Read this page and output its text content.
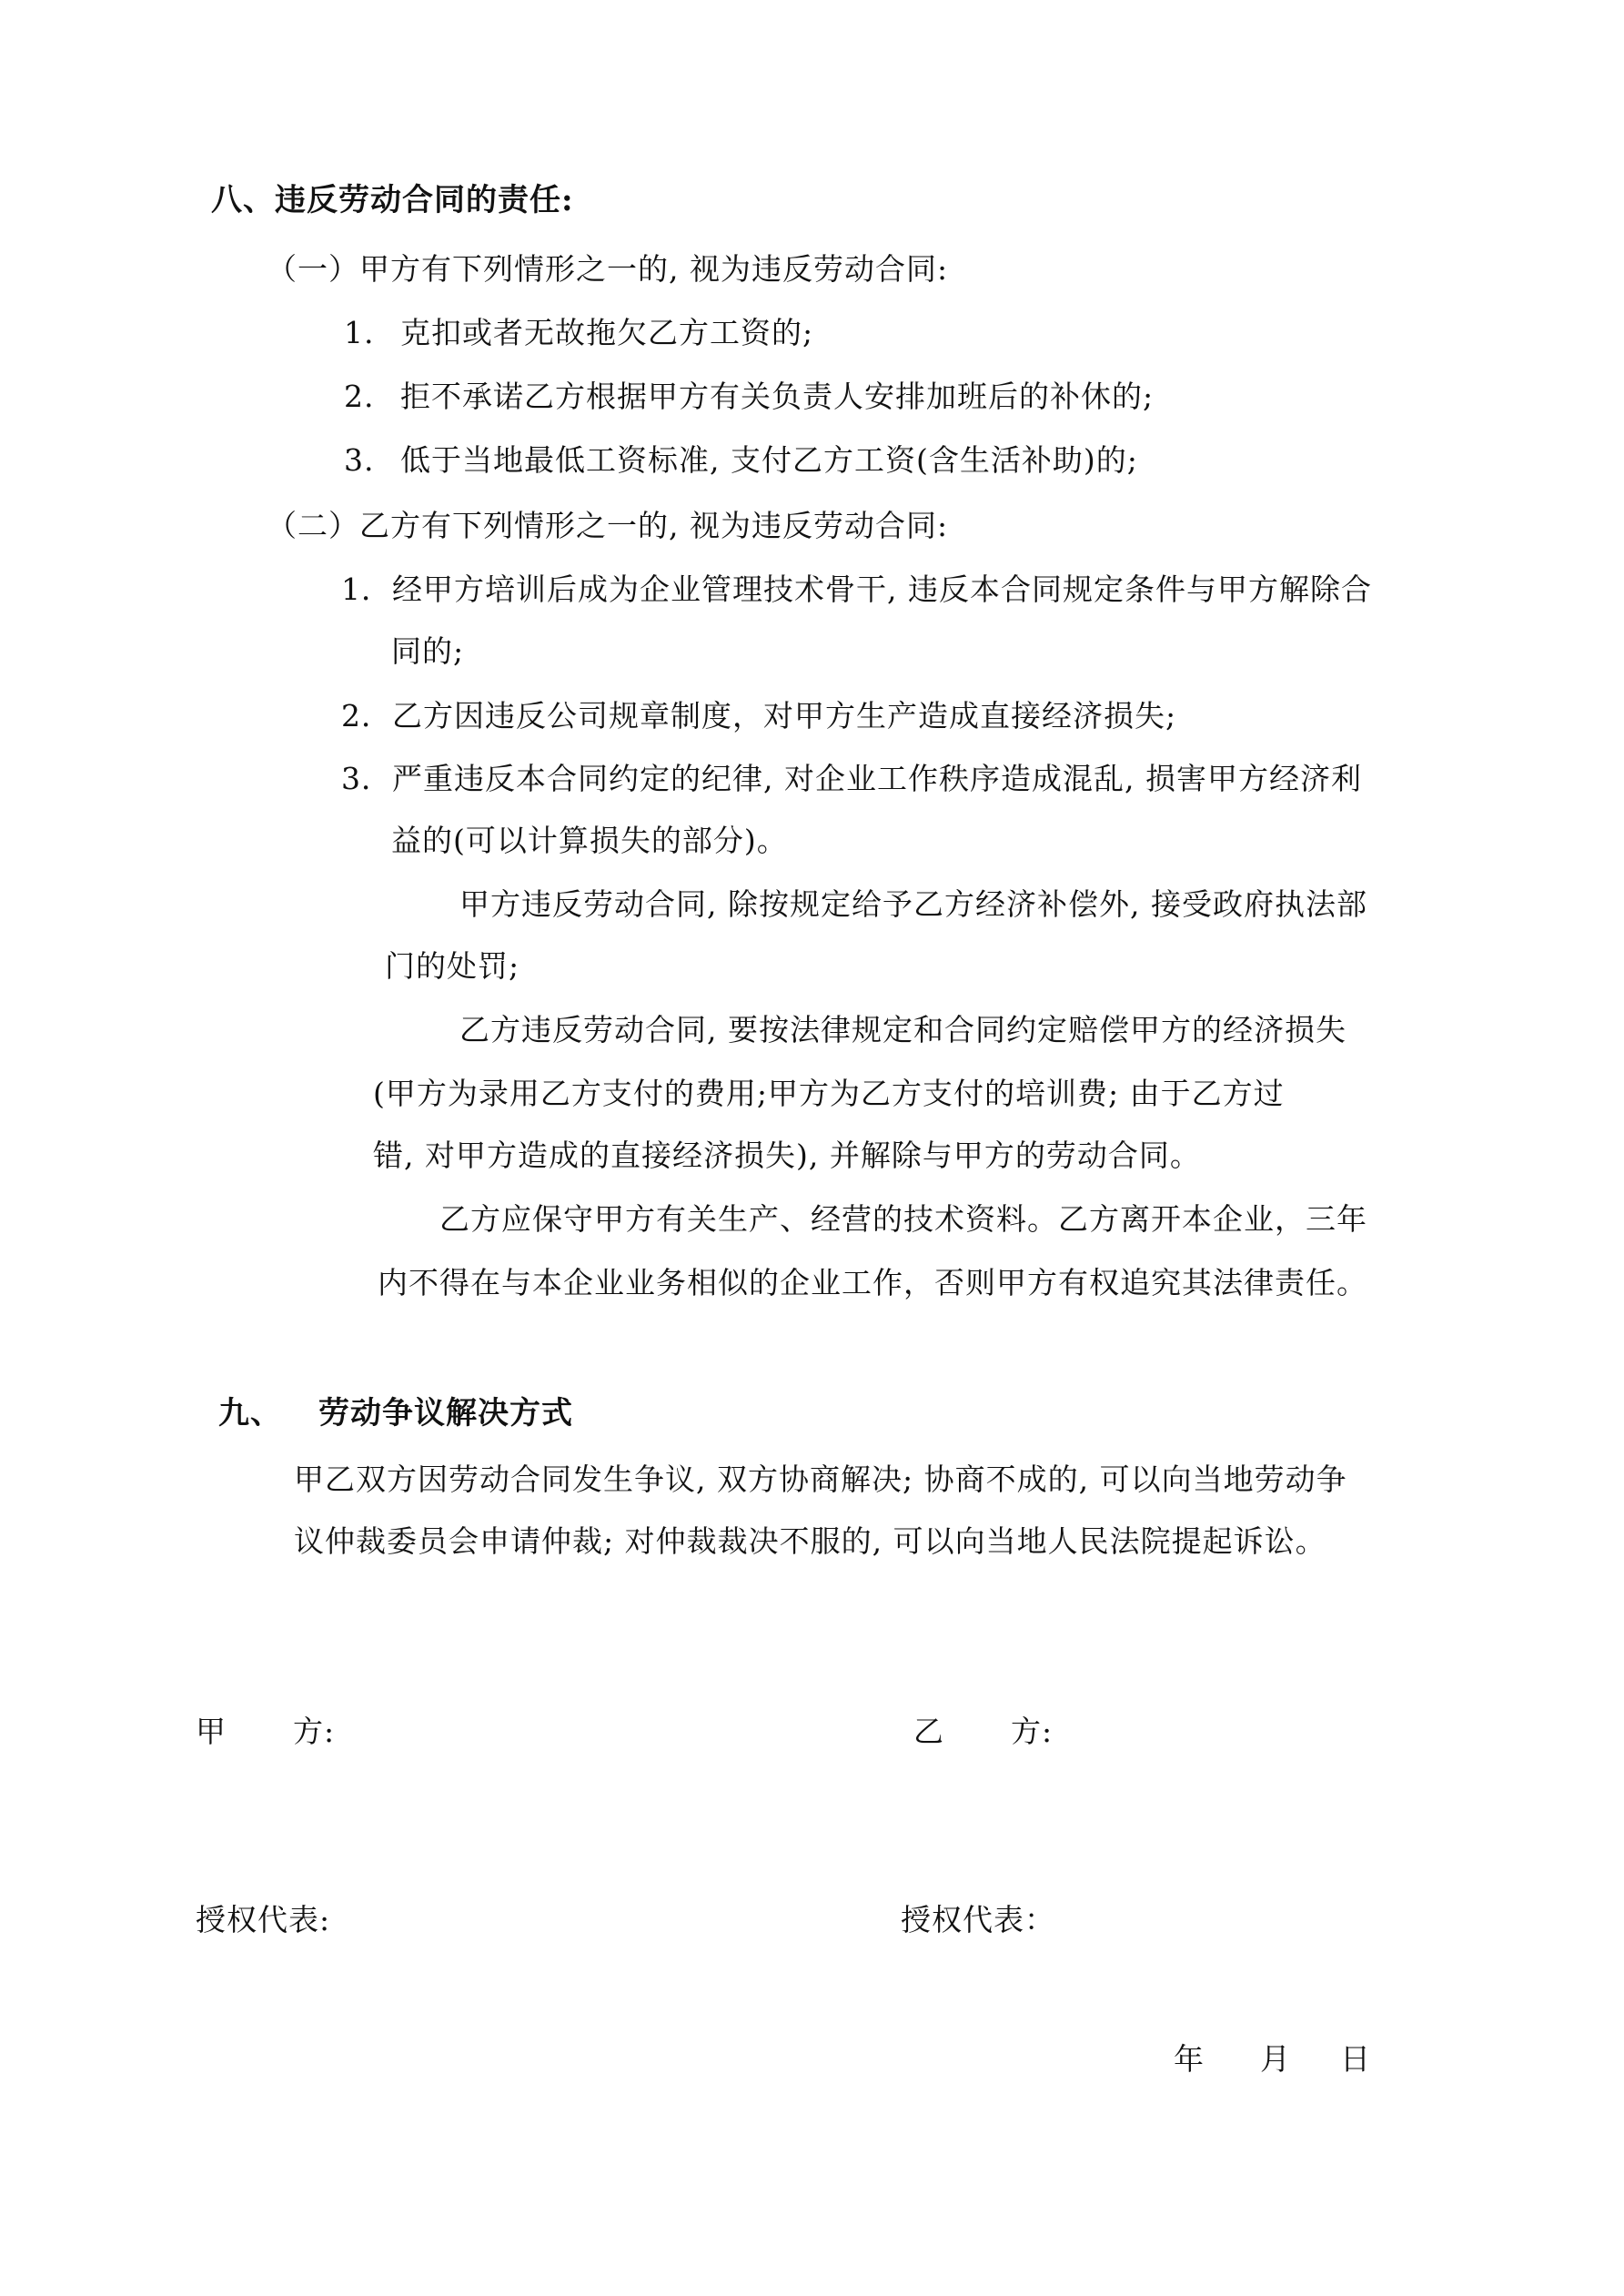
八、违反劳动合同的责任:
（一）甲方有下列情形之一的, 视为违反劳动合同:
1. 克扣或者无故拖欠乙方工资的;
2. 拒不承诺乙方根据甲方有关负责人安排加班后的补休的;
3. 低于当地最低工资标准, 支付乙方工资(含生活补助)的;
（二）乙方有下列情形之一的, 视为违反劳动合同:
1．经甲方培训后成为企业管理技术骨干, 违反本合同规定条件与甲方解除合
同的;
2．乙方因违反公司规章制度，对甲方生产造成直接经济损失;
3．严重违反本合同约定的纪律, 对企业工作秩序造成混乱, 损害甲方经济利
益的(可以计算损失的部分)。
甲方违反劳动合同, 除按规定给予乙方经济补偿外, 接受政府执法部
门的处罚;
乙方违反劳动合同, 要按法律规定和合同约定赔偿甲方的经济损失
(甲方为录用乙方支付的费用;甲方为乙方支付的培训费; 由于乙方过
错, 对甲方造成的直接经济损失), 并解除与甲方的劳动合同。
乙方应保守甲方有关生产、经营的技术资料。乙方离开本企业，三年
内不得在与本企业业务相似的企业工作，否则甲方有权追究其法律责任。
九、 劳动争议解决方式
甲乙双方因劳动合同发生争议, 双方协商解决; 协商不成的, 可以向当地劳动争
议仲裁委员会申请仲裁; 对仲裁裁决不服的, 可以向当地人民法院提起诉讼。
甲 方:	乙 方:
授权代表:	授权代表：
年 月 日
